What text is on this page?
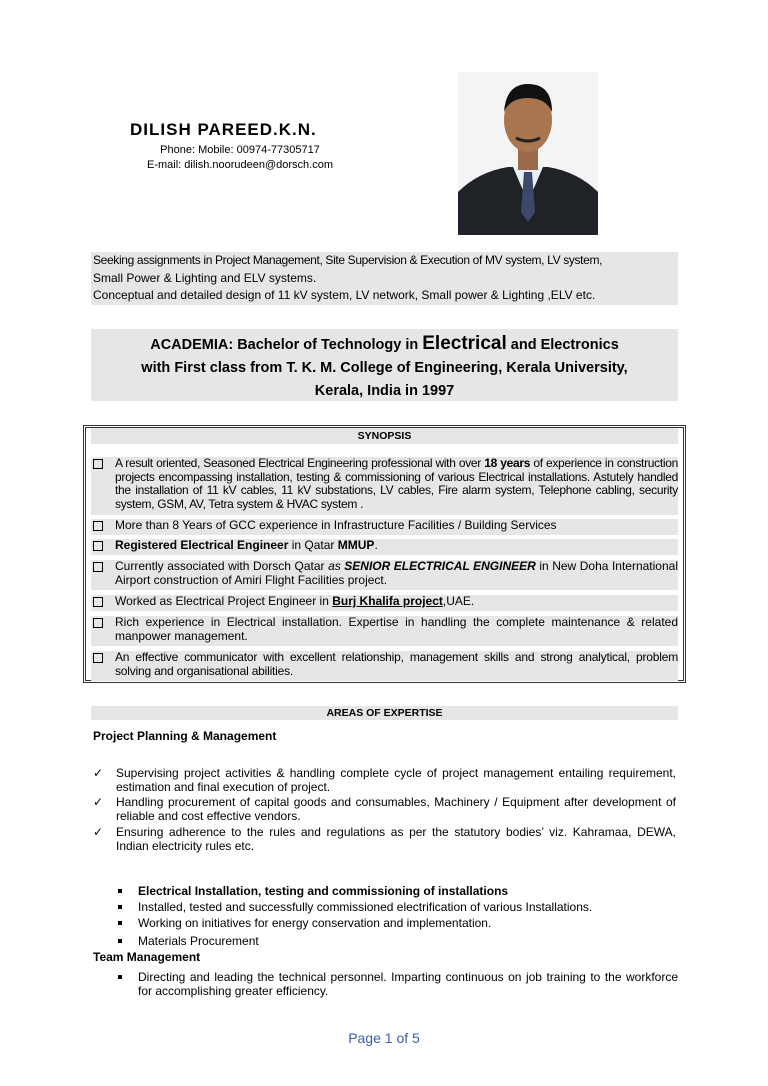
DILISH PAREED.K.N.
Phone: Mobile: 00974-77305717
E-mail: dilish.noorudeen@dorsch.com
Seeking assignments in Project Management, Site Supervision & Execution of MV system, LV system,
Small Power & Lighting and ELV systems.
Conceptual and detailed design of 11 kV system, LV network, Small power & Lighting ,ELV etc.
ACADEMIA: Bachelor of Technology in Electrical and Electronics
with First class from T. K. M. College of Engineering, Kerala University,
Kerala, India in 1997
SYNOPSIS
A result oriented, Seasoned Electrical Engineering professional with over 18 years of experience in construction projects encompassing installation, testing & commissioning of various Electrical installations. Astutely handled the installation of 11 kV cables, 11 kV substations, LV cables, Fire alarm system, Telephone cabling, security system, GSM, AV, Tetra system & HVAC system .
More than 8 Years of GCC experience in Infrastructure Facilities / Building Services
Registered Electrical Engineer in Qatar MMUP.
Currently associated with Dorsch Qatar as SENIOR ELECTRICAL ENGINEER in New Doha International Airport construction of Amiri Flight Facilities project.
Worked as Electrical Project Engineer in Burj Khalifa project,UAE.
Rich experience in Electrical installation. Expertise in handling the complete maintenance & related manpower management.
An effective communicator with excellent relationship, management skills and strong analytical, problem solving and organisational abilities.
AREAS OF EXPERTISE
Project Planning & Management
✓ Supervising project activities & handling complete cycle of project management entailing requirement, estimation and final execution of project.
✓ Handling procurement of capital goods and consumables, Machinery / Equipment after development of reliable and cost effective vendors.
✓ Ensuring adherence to the rules and regulations as per the statutory bodies’ viz. Kahramaa, DEWA, Indian electricity rules etc.
Electrical Installation, testing and commissioning of installations
Installed, tested and successfully commissioned electrification of various Installations.
Working on initiatives for energy conservation and implementation.
Materials Procurement
Team Management
Directing and leading the technical personnel. Imparting continuous on job training to the workforce for accomplishing greater efficiency.
Page 1 of 5
